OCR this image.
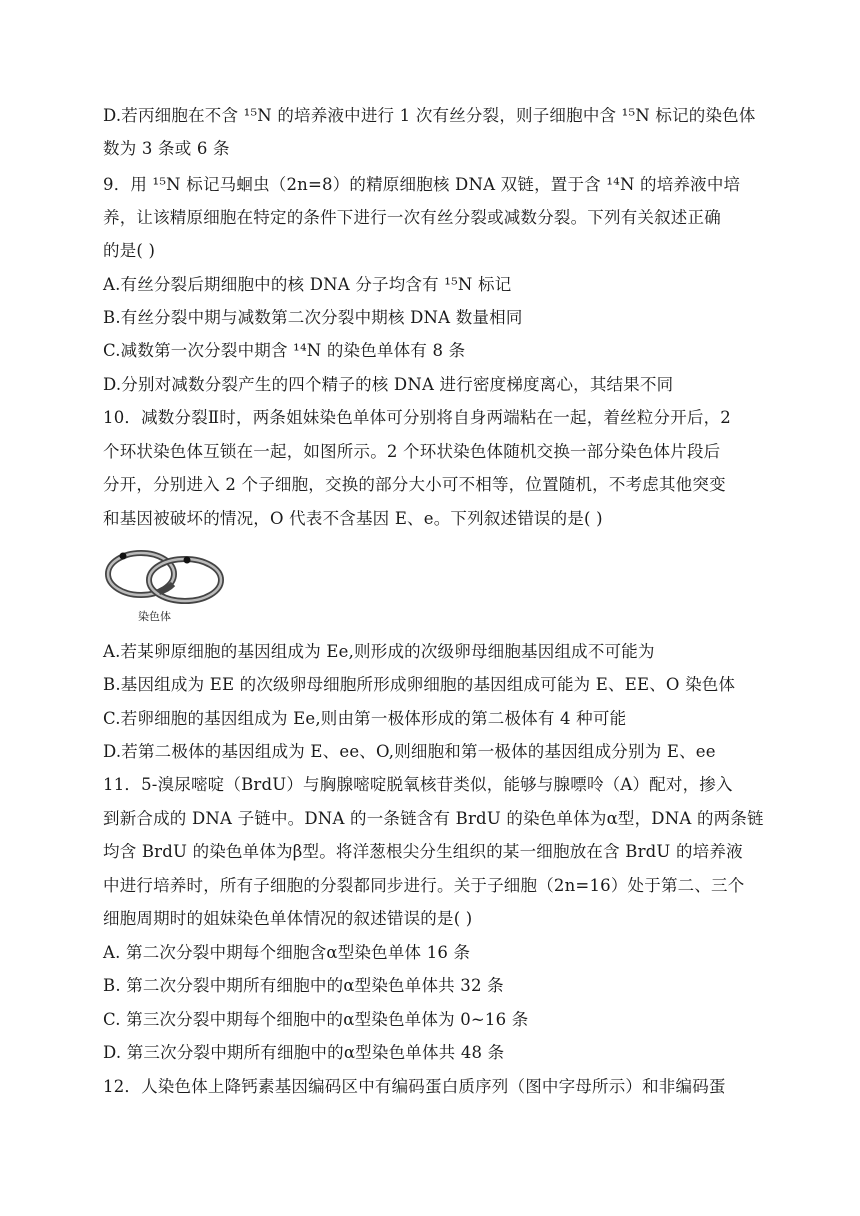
D.若丙细胞在不含 ¹⁵N 的培养液中进行 1 次有丝分裂，则子细胞中含 ¹⁵N 标记的染色体
数为 3 条或 6 条
9．用 ¹⁵N 标记马蛔虫（2n=8）的精原细胞核 DNA 双链，置于含 ¹⁴N 的培养液中培
养，让该精原细胞在特定的条件下进行一次有丝分裂或减数分裂。下列有关叙述正确
的是( )
A.有丝分裂后期细胞中的核 DNA 分子均含有 ¹⁵N 标记
B.有丝分裂中期与减数第二次分裂中期核 DNA 数量相同
C.减数第一次分裂中期含 ¹⁴N 的染色单体有 8 条
D.分别对减数分裂产生的四个精子的核 DNA 进行密度梯度离心，其结果不同
10．减数分裂Ⅱ时，两条姐妹染色单体可分别将自身两端粘在一起，着丝粒分开后，2
个环状染色体互锁在一起，如图所示。2 个环状染色体随机交换一部分染色体片段后
分开，分别进入 2 个子细胞，交换的部分大小可不相等，位置随机，不考虑其他突变
和基因被破坏的情况，O 代表不含基因 E、e。下列叙述错误的是( )
染色体
A.若某卵原细胞的基因组成为 Ee,则形成的次级卵母细胞基因组成不可能为
B.基因组成为 EE 的次级卵母细胞所形成卵细胞的基因组成可能为 E、EE、O 染色体
C.若卵细胞的基因组成为 Ee,则由第一极体形成的第二极体有 4 种可能
D.若第二极体的基因组成为 E、ee、O,则细胞和第一极体的基因组成分别为 E、ee
11．5-溴尿嘧啶（BrdU）与胸腺嘧啶脱氧核苷类似，能够与腺嘌呤（A）配对，掺入
到新合成的 DNA 子链中。DNA 的一条链含有 BrdU 的染色单体为α型，DNA 的两条链
均含 BrdU 的染色单体为β型。将洋葱根尖分生组织的某一细胞放在含 BrdU 的培养液
中进行培养时，所有子细胞的分裂都同步进行。关于子细胞（2n=16）处于第二、三个
细胞周期时的姐妹染色单体情况的叙述错误的是( )
A. 第二次分裂中期每个细胞含α型染色单体 16 条
B. 第二次分裂中期所有细胞中的α型染色单体共 32 条
C. 第三次分裂中期每个细胞中的α型染色单体为 0~16 条
D. 第三次分裂中期所有细胞中的α型染色单体共 48 条
12．人染色体上降钙素基因编码区中有编码蛋白质序列（图中字母所示）和非编码蛋
